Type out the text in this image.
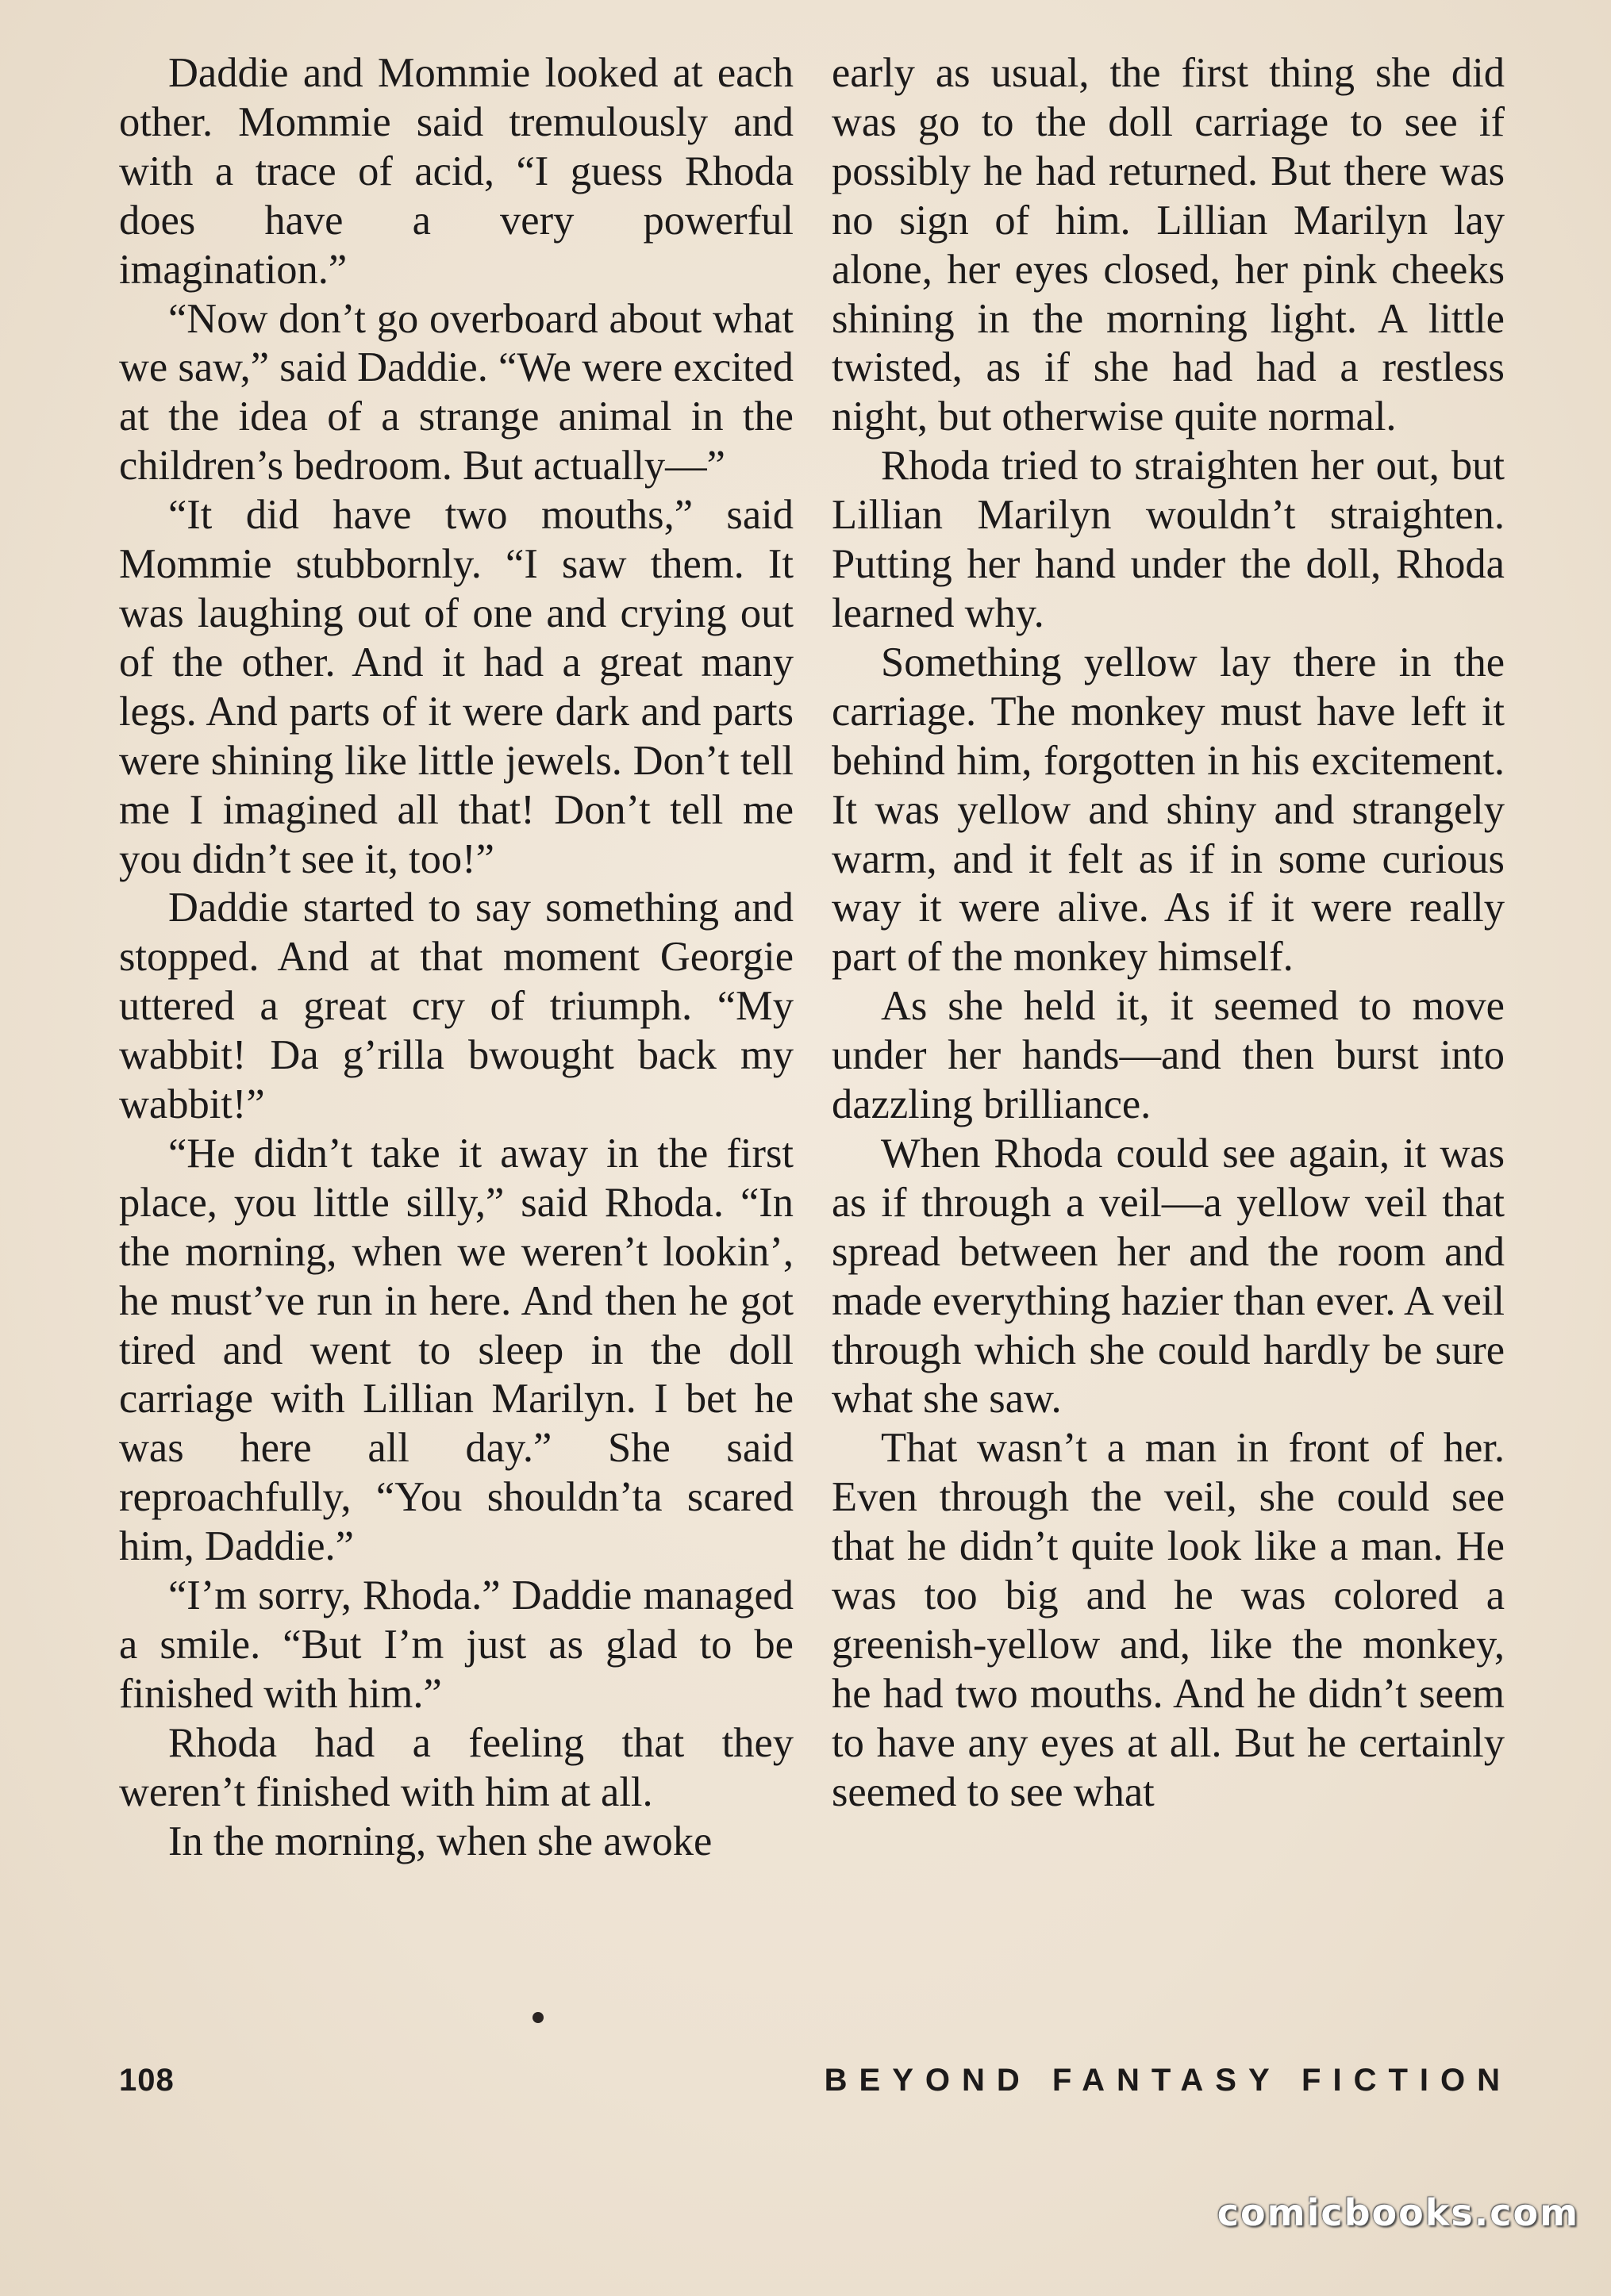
Daddie and Mommie looked at each other. Mommie said tremulously and with a trace of acid, “I guess Rhoda does have a very powerful imagination.”

“Now don’t go overboard about what we saw,” said Daddie. “We were excited at the idea of a strange animal in the children’s bedroom. But actually—”

“It did have two mouths,” said Mommie stubbornly. “I saw them. It was laughing out of one and crying out of the other. And it had a great many legs. And parts of it were dark and parts were shining like little jewels. Don’t tell me I imagined all that! Don’t tell me you didn’t see it, too!”

Daddie started to say something and stopped. And at that moment Georgie uttered a great cry of triumph. “My wabbit! Da g’rilla bwought back my wabbit!”

“He didn’t take it away in the first place, you little silly,” said Rhoda. “In the morning, when we weren’t lookin’, he must’ve run in here. And then he got tired and went to sleep in the doll carriage with Lillian Marilyn. I bet he was here all day.” She said reproachfully, “You shouldn’ta scared him, Daddie.”

“I’m sorry, Rhoda.” Daddie managed a smile. “But I’m just as glad to be finished with him.”

Rhoda had a feeling that they weren’t finished with him at all.

In the morning, when she awoke

early as usual, the first thing she did was go to the doll carriage to see if possibly he had returned. But there was no sign of him. Lillian Marilyn lay alone, her eyes closed, her pink cheeks shining in the morning light. A little twisted, as if she had had a restless night, but otherwise quite normal.

Rhoda tried to straighten her out, but Lillian Marilyn wouldn’t straighten. Putting her hand under the doll, Rhoda learned why.

Something yellow lay there in the carriage. The monkey must have left it behind him, forgotten in his excitement. It was yellow and shiny and strangely warm, and it felt as if in some curious way it were alive. As if it were really part of the monkey himself.

As she held it, it seemed to move under her hands—and then burst into dazzling brilliance.

When Rhoda could see again, it was as if through a veil—a yellow veil that spread between her and the room and made everything hazier than ever. A veil through which she could hardly be sure what she saw.

That wasn’t a man in front of her. Even through the veil, she could see that he didn’t quite look like a man. He was too big and he was colored a greenish-yellow and, like the monkey, he had two mouths. And he didn’t seem to have any eyes at all. But he certainly seemed to see what

108	BEYOND FANTASY FICTION
comicbooks.com
